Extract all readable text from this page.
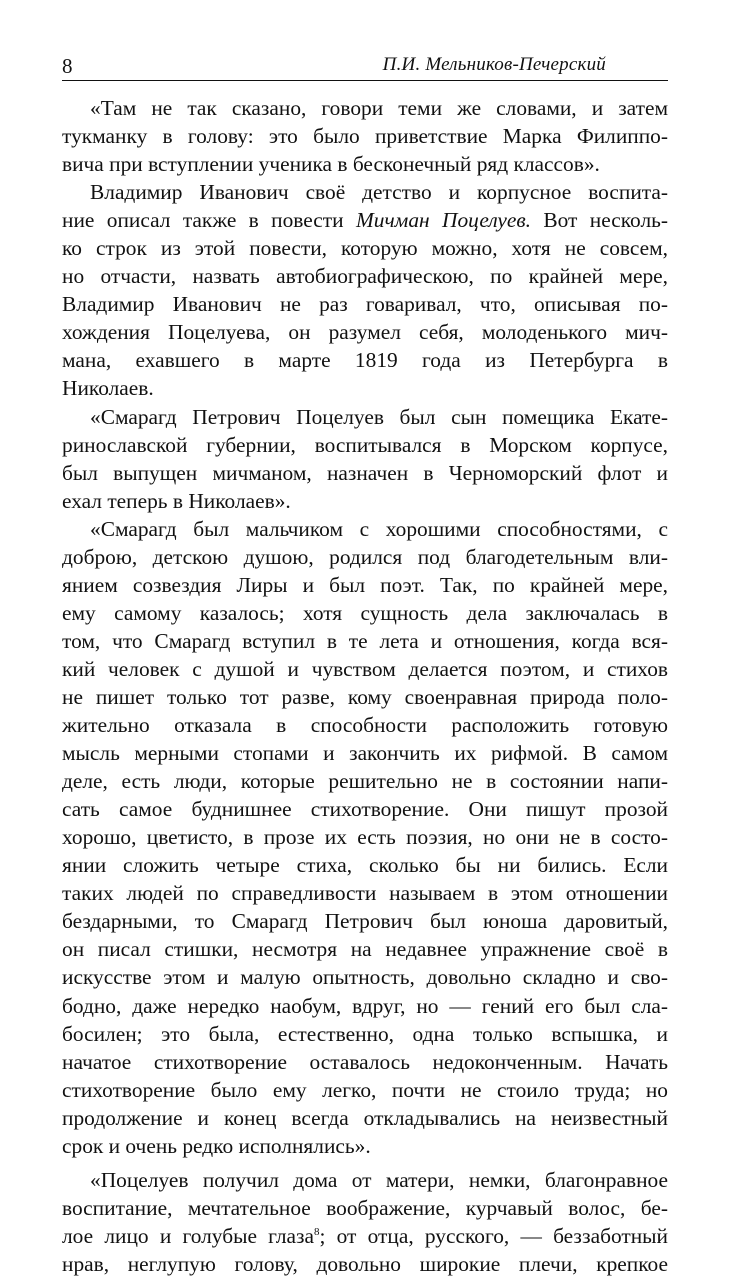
8	П.И. Мельников-Печерский

«Там не так сказано, говори теми же словами, и затем

тукманку в голову: это было приветствие Марка Филиппо-

вича при вступлении ученика в бесконечный ряд классов».

Владимир Иванович своё детство и корпусное воспита-

ние описал также в повести Мичман Поцелуев. Вот несколь-

ко строк из этой повести, которую можно, хотя не совсем,

но отчасти, назвать автобиографическою, по крайней мере,

Владимир Иванович не раз говаривал, что, описывая по-

хождения Поцелуева, он разумел себя, молоденького мич-

мана, ехавшего в марте 1819 года из Петербурга в

Николаев.

«Смарагд Петрович Поцелуев был сын помещика Екате-

ринославской губернии, воспитывался в Морском корпусе,

был выпущен мичманом, назначен в Черноморский флот и

ехал теперь в Николаев».

«Смарагд был мальчиком с хорошими способностями, с

доброю, детскою душою, родился под благодетельным вли-

янием созвездия Лиры и был поэт. Так, по крайней мере,

ему самому казалось; хотя сущность дела заключалась в

том, что Смарагд вступил в те лета и отношения, когда вся-

кий человек с душой и чувством делается поэтом, и стихов

не пишет только тот разве, кому своенравная природа поло-

жительно отказала в способности расположить готовую

мысль мерными стопами и закончить их рифмой. В самом

деле, есть люди, которые решительно не в состоянии напи-

сать самое буднишнее стихотворение. Они пишут прозой

хорошо, цветисто, в прозе их есть поэзия, но они не в состо-

янии сложить четыре стиха, сколько бы ни бились. Если

таких людей по справедливости называем в этом отношении

бездарными, то Смарагд Петрович был юноша даровитый,

он писал стишки, несмотря на недавнее упражнение своё в

искусстве этом и малую опытность, довольно складно и сво-

бодно, даже нередко наобум, вдруг, но — гений его был сла-

босилен; это была, естественно, одна только вспышка, и

начатое стихотворение оставалось недоконченным. Начать

стихотворение было ему легко, почти не стоило труда; но

продолжение и конец всегда откладывались на неизвестный

срок и очень редко исполнялись».

«Поцелуев получил дома от матери, немки, благонравное

воспитание, мечтательное воображение, курчавый волос, бе-

лое лицо и голубые глаза$^8$; от отца, русского, — беззаботный

нрав, неглупую голову, довольно широкие плечи, крепкое
